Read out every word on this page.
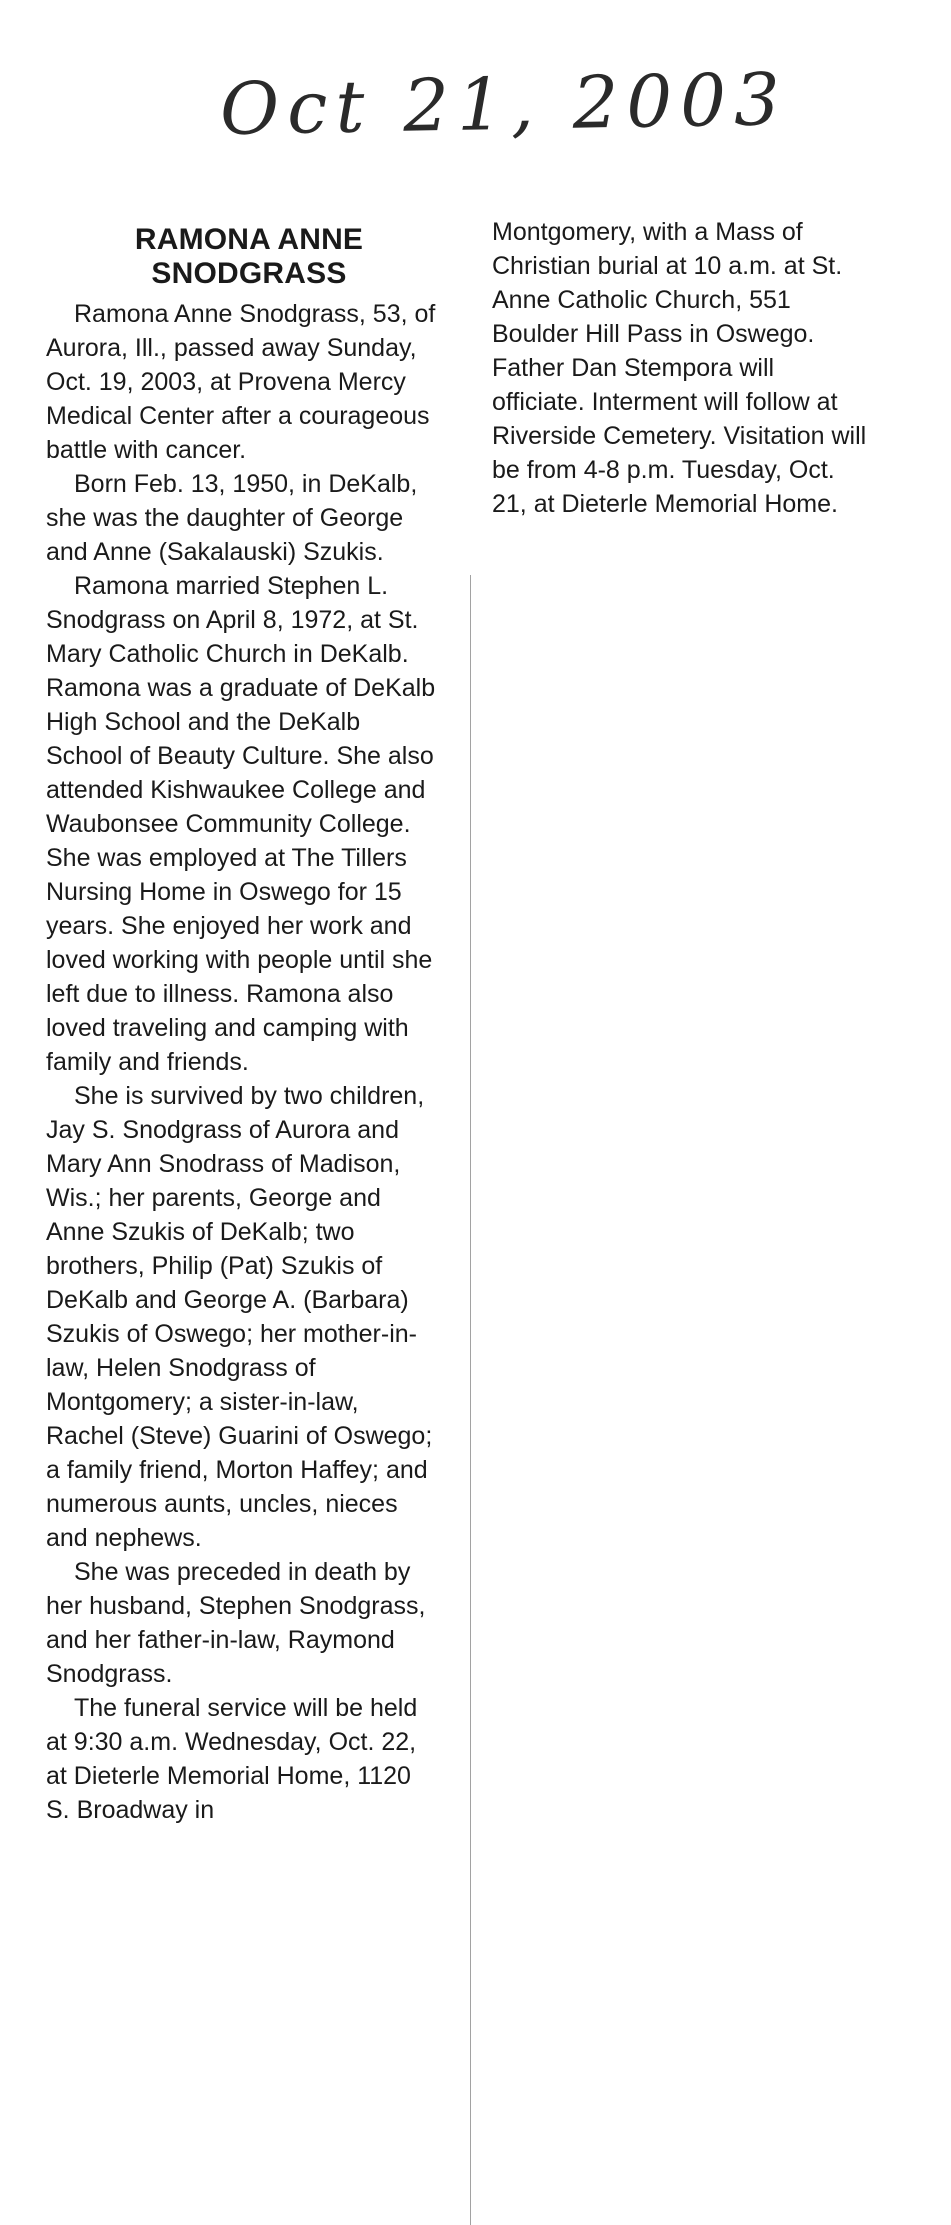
Oct 21, 2003
RAMONA ANNE
SNODGRASS

Ramona Anne Snodgrass, 53, of Aurora, Ill., passed away Sunday, Oct. 19, 2003, at Provena Mercy Medical Center after a courageous battle with cancer.

Born Feb. 13, 1950, in DeKalb, she was the daughter of George and Anne (Sakalauski) Szukis.

Ramona married Stephen L. Snodgrass on April 8, 1972, at St. Mary Catholic Church in DeKalb. Ramona was a graduate of DeKalb High School and the DeKalb School of Beauty Culture. She also attended Kishwaukee College and Waubonsee Community College. She was employed at The Tillers Nursing Home in Oswego for 15 years. She enjoyed her work and loved working with people until she left due to illness. Ramona also loved traveling and camping with family and friends.

She is survived by two children, Jay S. Snodgrass of Aurora and Mary Ann Snodrass of Madison, Wis.; her parents, George and Anne Szukis of DeKalb; two brothers, Philip (Pat) Szukis of DeKalb and George A. (Barbara) Szukis of Oswego; her mother-in-law, Helen Snodgrass of Montgomery; a sister-in-law, Rachel (Steve) Guarini of Oswego; a family friend, Morton Haffey; and numerous aunts, uncles, nieces and nephews.

She was preceded in death by her husband, Stephen Snodgrass, and her father-in-law, Raymond Snodgrass.

The funeral service will be held at 9:30 a.m. Wednesday, Oct. 22, at Dieterle Memorial Home, 1120 S. Broadway in

Montgomery, with a Mass of Christian burial at 10 a.m. at St. Anne Catholic Church, 551 Boulder Hill Pass in Oswego. Father Dan Stempora will officiate. Interment will follow at Riverside Cemetery. Visitation will be from 4-8 p.m. Tuesday, Oct. 21, at Dieterle Memorial Home.
